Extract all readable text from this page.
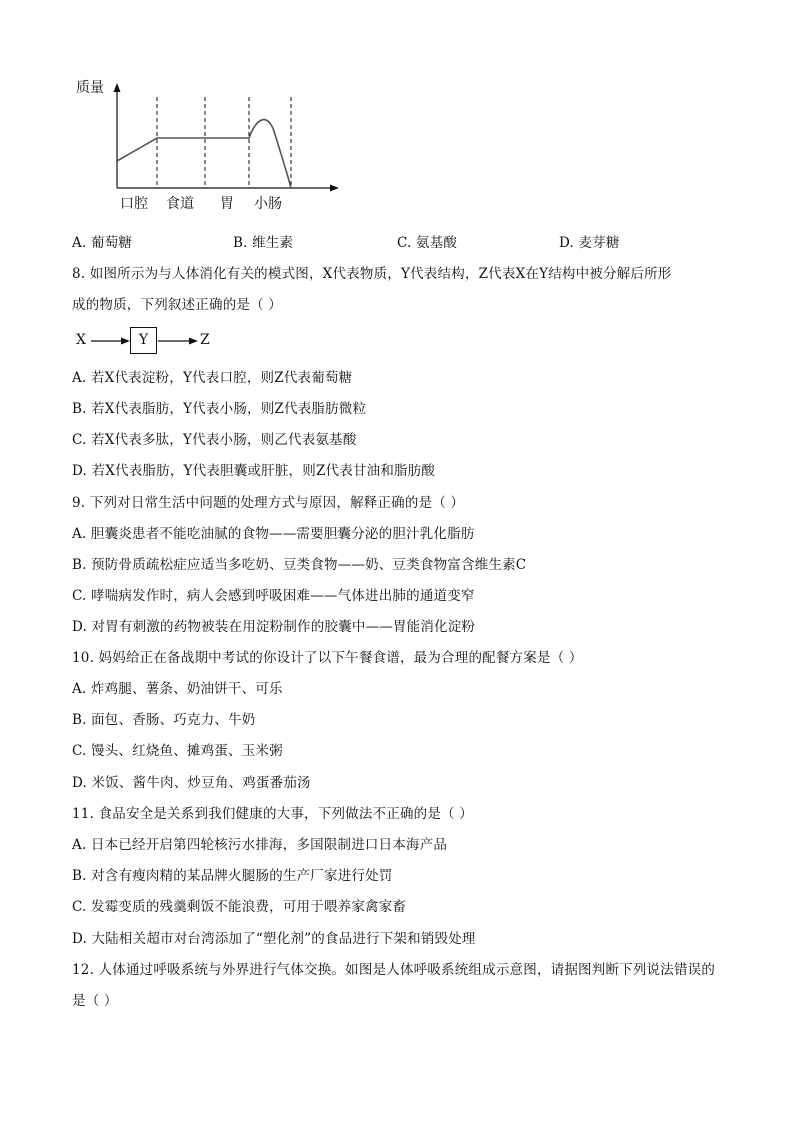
质量
口腔 食道 胃 小肠
A. 葡萄糖	B. 维生素	C. 氨基酸	D. 麦芽糖
8. 如图所示为与人体消化有关的模式图，X代表物质，Y代表结构，Z代表X在Y结构中被分解后所形
成的物质，下列叙述正确的是（ ）
X	Y	Z
A. 若X代表淀粉，Y代表口腔，则Z代表葡萄糖
B. 若X代表脂肪，Y代表小肠，则Z代表脂肪微粒
C. 若X代表多肽，Y代表小肠，则乙代表氨基酸
D. 若X代表脂肪，Y代表胆囊或肝脏，则Z代表甘油和脂肪酸
9. 下列对日常生活中问题的处理方式与原因，解释正确的是（ ）
A. 胆囊炎患者不能吃油腻的食物——需要胆囊分泌的胆汁乳化脂肪
B. 预防骨质疏松症应适当多吃奶、豆类食物——奶、豆类食物富含维生素C
C. 哮喘病发作时，病人会感到呼吸困难——气体进出肺的通道变窄
D. 对胃有刺激的药物被装在用淀粉制作的胶囊中——胃能消化淀粉
10. 妈妈给正在备战期中考试的你设计了以下午餐食谱，最为合理的配餐方案是（ ）
A. 炸鸡腿、薯条、奶油饼干、可乐
B. 面包、香肠、巧克力、牛奶
C. 馒头、红烧鱼、摊鸡蛋、玉米粥
D. 米饭、酱牛肉、炒豆角、鸡蛋番茄汤
11. 食品安全是关系到我们健康的大事，下列做法不正确的是（ ）
A. 日本已经开启第四轮核污水排海，多国限制进口日本海产品
B. 对含有瘦肉精的某品牌火腿肠的生产厂家进行处罚
C. 发霉变质的残羹剩饭不能浪费，可用于喂养家禽家畜
D. 大陆相关超市对台湾添加了“塑化剂”的食品进行下架和销毁处理
12. 人体通过呼吸系统与外界进行气体交换。如图是人体呼吸系统组成示意图，请据图判断下列说法错误的
是（ ）
